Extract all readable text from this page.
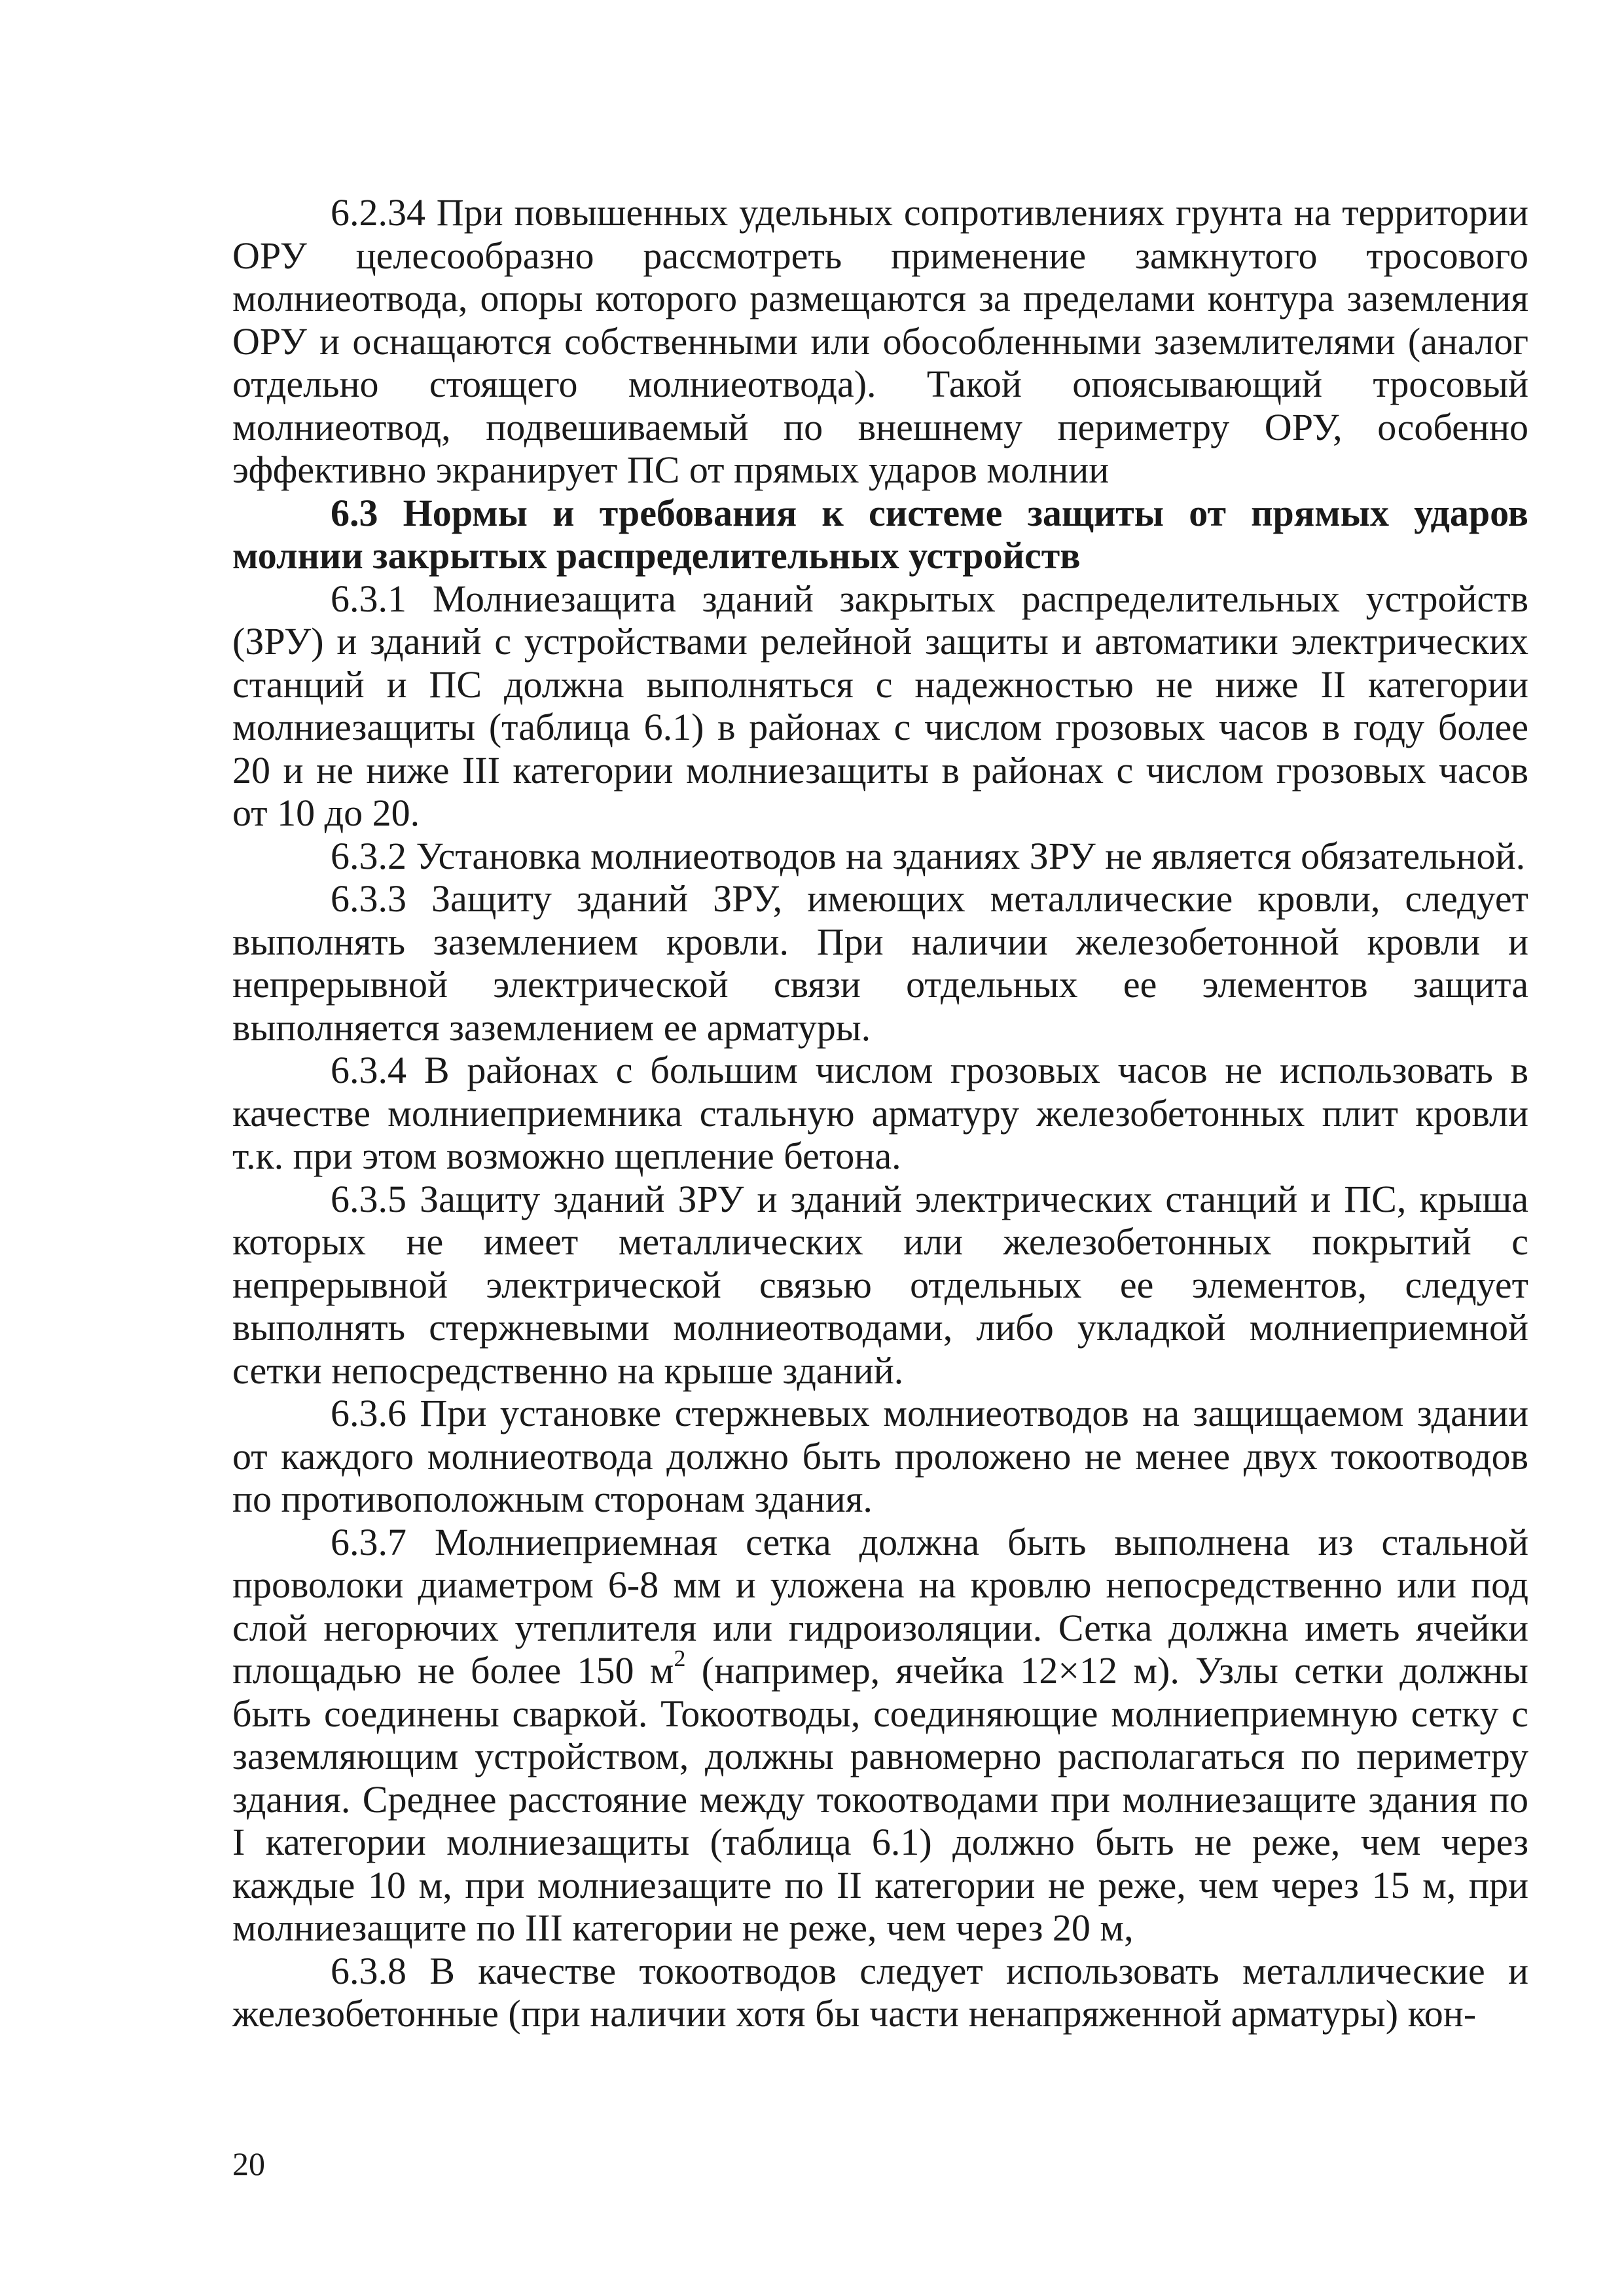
6.2.34 При повышенных удельных сопротивлениях грунта на территории ОРУ целесообразно рассмотреть применение замкнутого тросового молниеотвода, опоры которого размещаются за пределами контура заземления ОРУ и оснащаются собственными или обособленными заземлителями (аналог отдельно стоящего молниеотвода). Такой опоясывающий тросовый молниеотвод, подвешиваемый по внешнему периметру ОРУ, особенно эффективно экранирует ПС от прямых ударов молнии

6.3 Нормы и требования к системе защиты от прямых ударов молнии закрытых распределительных устройств

6.3.1 Молниезащита зданий закрытых распределительных устройств (ЗРУ) и зданий с устройствами релейной защиты и автоматики электрических станций и ПС должна выполняться с надежностью не ниже II категории молниезащиты (таблица 6.1) в районах с числом грозовых часов в году более 20 и не ниже III категории молниезащиты в районах с числом грозовых часов от 10 до 20.

6.3.2 Установка молниеотводов на зданиях ЗРУ не является обязательной.

6.3.3 Защиту зданий ЗРУ, имеющих металлические кровли, следует выполнять заземлением кровли. При наличии железобетонной кровли и непрерывной электрической связи отдельных ее элементов защита выполняется заземлением ее арматуры.

6.3.4 В районах с большим числом грозовых часов не использовать в качестве молниеприемника стальную арматуру железобетонных плит кровли т.к. при этом возможно щепление бетона.

6.3.5 Защиту зданий ЗРУ и зданий электрических станций и ПС, крыша которых не имеет металлических или железобетонных покрытий с непрерывной электрической связью отдельных ее элементов, следует выполнять стержневыми молниеотводами, либо укладкой молниеприемной сетки непосредственно на крыше зданий.

6.3.6 При установке стержневых молниеотводов на защищаемом здании от каждого молниеотвода должно быть проложено не менее двух токоотводов по противоположным сторонам здания.

6.3.7 Молниеприемная сетка должна быть выполнена из стальной проволоки диаметром 6-8 мм и уложена на кровлю непосредственно или под слой негорючих утеплителя или гидроизоляции. Сетка должна иметь ячейки площадью не более 150 $м^2$ (например, ячейка 12×12 м). Узлы сетки должны быть соединены сваркой. Токоотводы, соединяющие молниеприемную сетку с заземляющим устройством, должны равномерно располагаться по периметру здания. Среднее расстояние между токоотводами при молниезащите здания по I категории молниезащиты (таблица 6.1) должно быть не реже, чем через каждые 10 м, при молниезащите по II категории не реже, чем через 15 м, при молниезащите по III категории не реже, чем через 20 м,

6.3.8 В качестве токоотводов следует использовать металлические и железобетонные (при наличии хотя бы части ненапряженной арматуры) кон-

20
